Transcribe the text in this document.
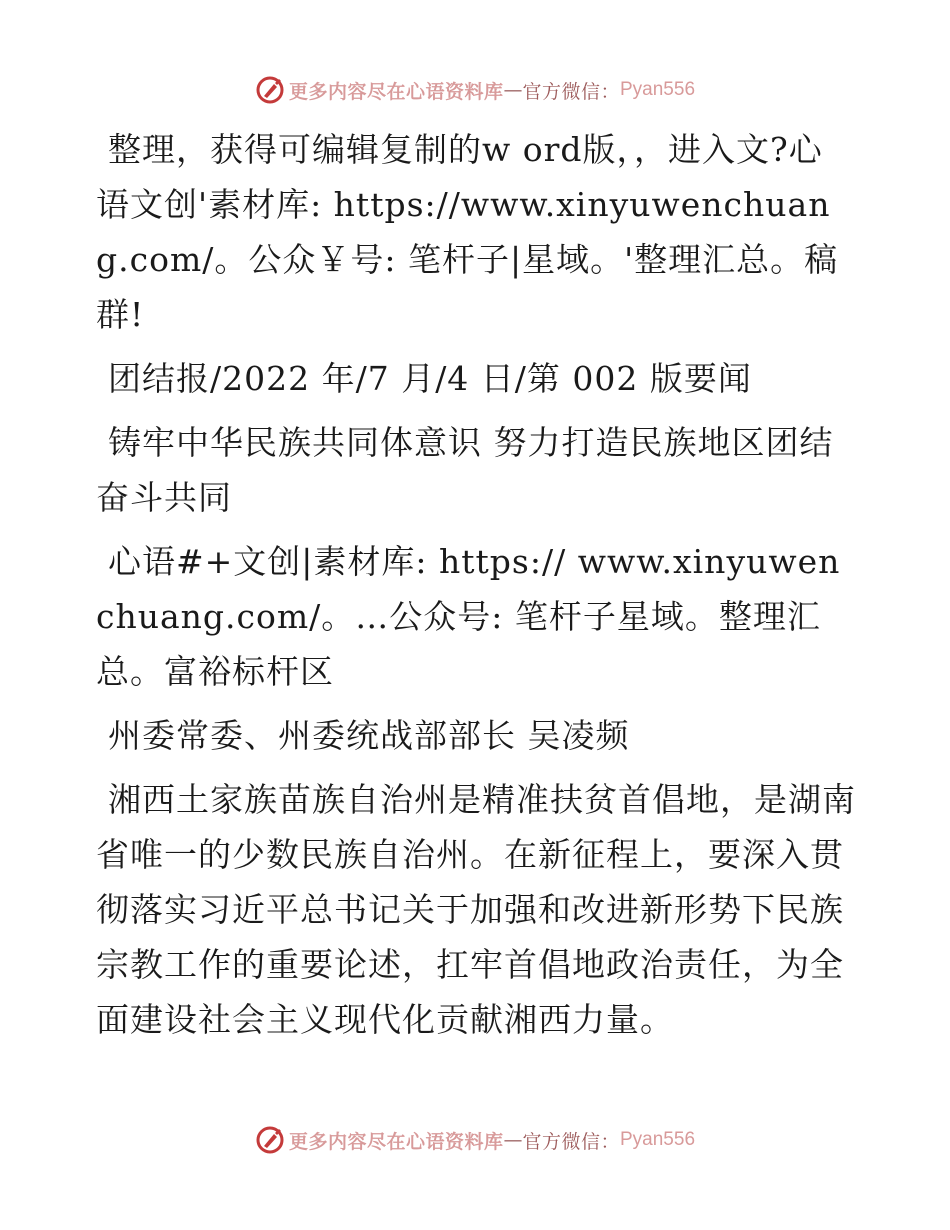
更多内容尽在心语资料库 — 官方微信： Pyan556

整理，获得可编辑复制的w ord版，，进入文?心语文创'素材库: https://www.xinyuwenchuang.com/。公众￥号: 笔杆子|星域。'整理汇总。稿群!

团结报/2022 年/7 月/4 日/第 002 版要闻

铸牢中华民族共同体意识 努力打造民族地区团结奋斗共同

心语#+文创|素材库: https:// www.xinyuwenchuang.com/。…公众号: 笔杆子星域。整理汇总。富裕标杆区

州委常委、州委统战部部长 吴凌频

湘西土家族苗族自治州是精准扶贫首倡地，是湖南省唯一的少数民族自治州。在新征程上，要深入贯彻落实习近平总书记关于加强和改进新形势下民族宗教工作的重要论述，扛牢首倡地政治责任，为全面建设社会主义现代化贡献湘西力量。

更多内容尽在心语资料库 — 官方微信： Pyan556
